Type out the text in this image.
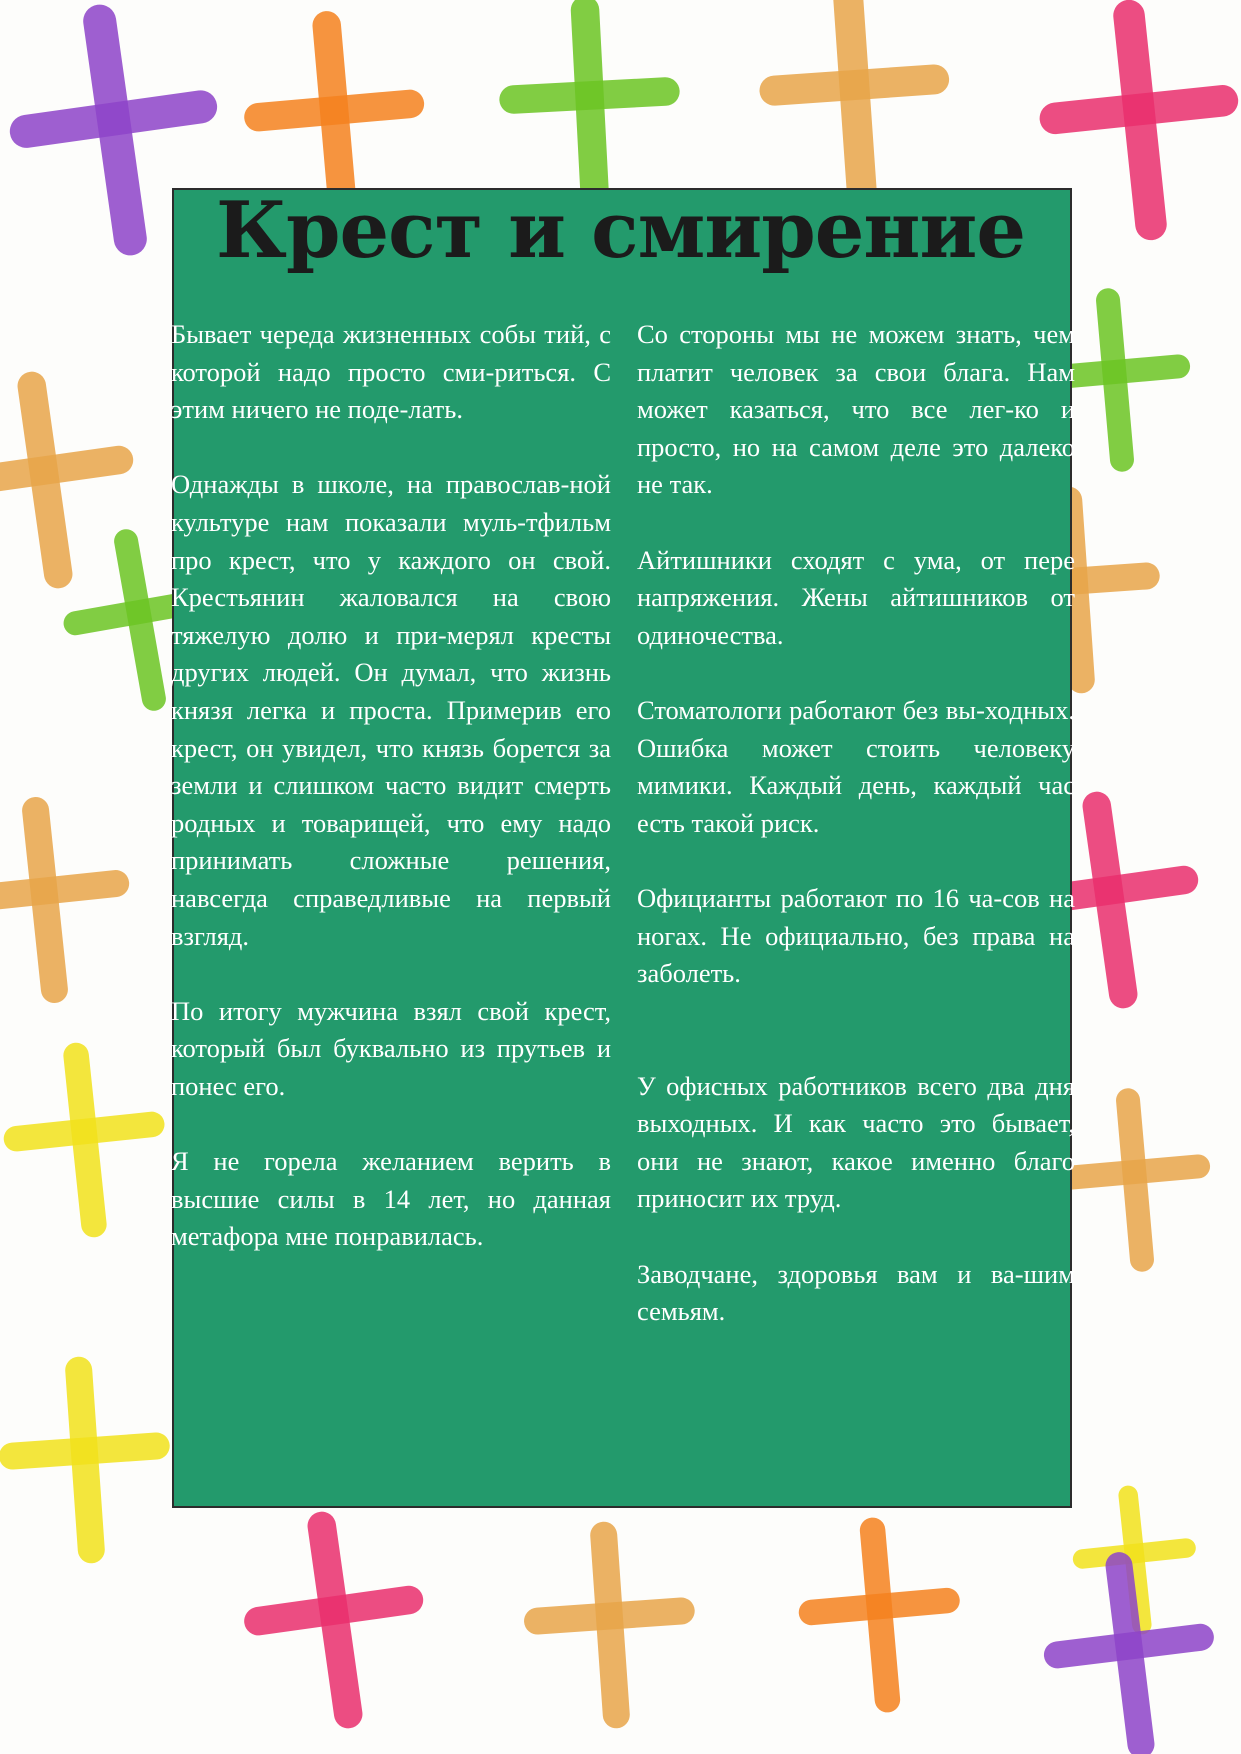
Крест и смирение

Бывает череда жизненных собы тий, с которой надо просто сми-риться. С этим ничего не поде-лать.

Однажды в школе, на православ-ной культуре нам показали муль-тфильм про крест, что у каждого он свой. Крестьянин жаловался на свою тяжелую долю и при-мерял кресты других людей. Он думал, что жизнь князя легка и проста. Примерив его крест, он увидел, что князь борется за земли и слишком часто видит смерть родных и товарищей, что ему надо принимать сложные решения, навсегда справедливые на первый взгляд.

По итогу мужчина взял свой крест, который был буквально из прутьев и понес его.

Я не горела желанием верить в высшие силы в 14 лет, но данная метафора мне понравилась.

Со стороны мы не можем знать, чем платит человек за свои блага. Нам может казаться, что все лег-ко и просто, но на самом деле это далеко не так.

Айтишники сходят с ума, от пере напряжения. Жены айтишников от одиночества.

Стоматологи работают без вы-ходных. Ошибка может стоить человеку мимики. Каждый день, каждый час есть такой риск.

Официанты работают по 16 ча-сов на ногах. Не официально, без права на заболеть.

У офисных работников всего два дня выходных. И как часто это бывает, они не знают, какое именно благо приносит их труд.

Заводчане, здоровья вам и ва-шим семьям.
